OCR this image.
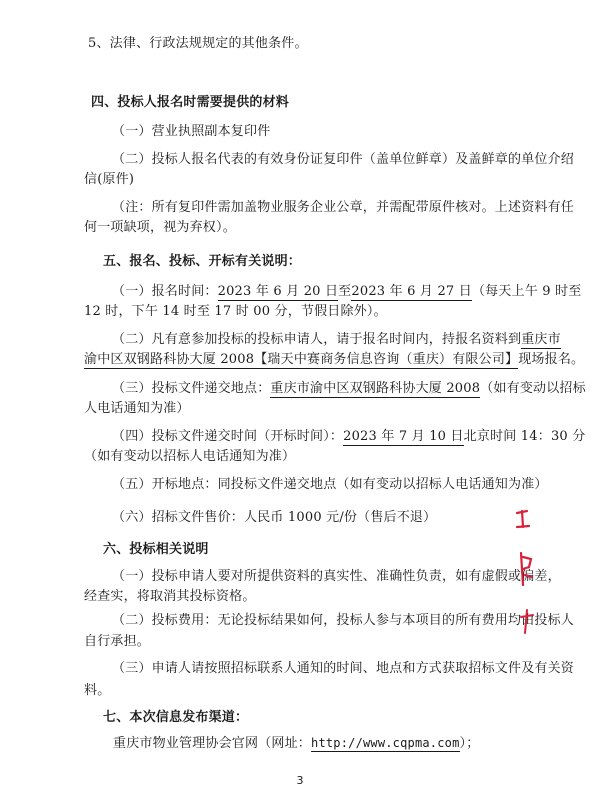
5、法律、行政法规规定的其他条件。
四、投标人报名时需要提供的材料
（一）营业执照副本复印件
（二）投标人报名代表的有效身份证复印件（盖单位鲜章）及盖鲜章的单位介绍
信(原件)
（注：所有复印件需加盖物业服务企业公章，并需配带原件核对。上述资料有任
何一项缺项，视为弃权）。
五、报名、投标、开标有关说明：
（一）报名时间：2023 年 6 月 20 日至2023 年 6 月 27 日（每天上午 9 时至
12 时，下午 14 时至 17 时 00 分，节假日除外）。
（二）凡有意参加投标的投标申请人，请于报名时间内，持报名资料到重庆市
渝中区双钢路科协大厦 2008【瑞天中赛商务信息咨询（重庆）有限公司】现场报名。
（三）投标文件递交地点：重庆市渝中区双钢路科协大厦 2008（如有变动以招标
人电话通知为准）
（四）投标文件递交时间（开标时间）：2023 年 7 月 10 日北京时间 14：30 分
（如有变动以招标人电话通知为准）
（五）开标地点：同投标文件递交地点（如有变动以招标人电话通知为准）
（六）招标文件售价：人民币 1000 元/份（售后不退）
六、投标相关说明
（一）投标申请人要对所提供资料的真实性、准确性负责，如有虚假或偏差，
经查实，将取消其投标资格。
（二）投标费用：无论投标结果如何，投标人参与本项目的所有费用均由投标人
自行承担。
（三）申请人请按照招标联系人通知的时间、地点和方式获取招标文件及有关资
料。
七、本次信息发布渠道：
重庆市物业管理协会官网（网址：http://www.cqpma.com）；
3
